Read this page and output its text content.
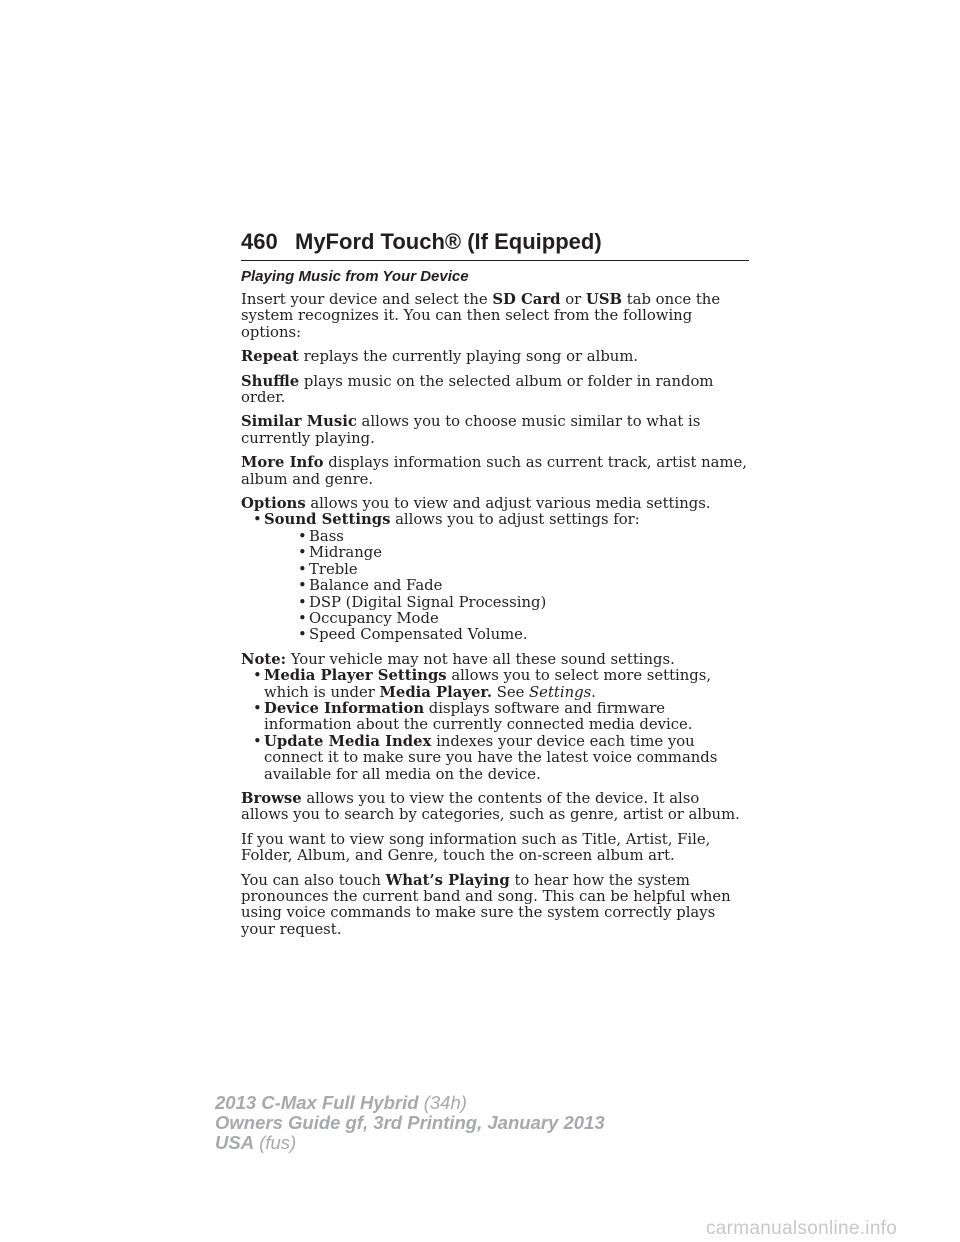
460 MyFord Touch® (If Equipped)
Playing Music from Your Device

Insert your device and select the SD Card or USB tab once the system recognizes it. You can then select from the following options:

Repeat replays the currently playing song or album.

Shuffle plays music on the selected album or folder in random order.

Similar Music allows you to choose music similar to what is currently playing.

More Info displays information such as current track, artist name, album and genre.

Options allows you to view and adjust various media settings.

• Sound Settings allows you to adjust settings for:
• Bass
• Midrange
• Treble
• Balance and Fade
• DSP (Digital Signal Processing)
• Occupancy Mode
• Speed Compensated Volume.

Note: Your vehicle may not have all these sound settings.

• Media Player Settings allows you to select more settings, which is under Media Player. See Settings.
• Device Information displays software and firmware information about the currently connected media device.
• Update Media Index indexes your device each time you connect it to make sure you have the latest voice commands available for all media on the device.

Browse allows you to view the contents of the device. It also allows you to search by categories, such as genre, artist or album.

If you want to view song information such as Title, Artist, File, Folder, Album, and Genre, touch the on-screen album art.

You can also touch What’s Playing to hear how the system pronounces the current band and song. This can be helpful when using voice commands to make sure the system correctly plays your request.

2013 C-Max Full Hybrid (34h)
Owners Guide gf, 3rd Printing, January 2013
USA (fus)
carmanualsonline.info
